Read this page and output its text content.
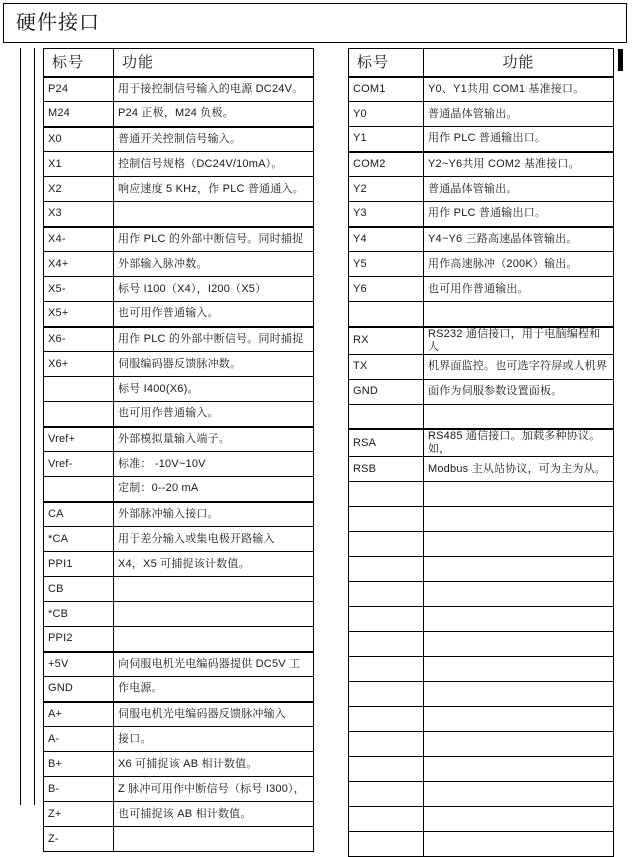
硬件接口
标号	功能
P24	用于接控制信号输入的电源 DC24V。
M24	P24 正极，M24 负极。
X0	普通开关控制信号输入。
X1	控制信号规格（DC24V/10mA）。
X2	响应速度 5 KHz，作 PLC 普通通入。
X3	
X4-	用作 PLC 的外部中断信号。同时捕捉
X4+	外部输入脉冲数。
X5-	标号 I100（X4），I200（X5）
X5+	也可用作普通输入。
X6-	用作 PLC 的外部中断信号。同时捕捉
X6+	伺服编码器反馈脉冲数。
	标号 I400(X6)。
	也可用作普通输入。
Vref+	外部模拟量输入端子。
Vref-	标准： -10V~10V
	定制：0--20 mA
CA	外部脉冲输入接口。
*CA	用于差分输入或集电极开路输入
PPI1	X4，X5 可捕捉该计数值。
CB	
*CB	
PPI2	
+5V	向伺服电机光电编码器提供 DC5V 工
GND	作电源。
A+	伺服电机光电编码器反馈脉冲输入
A-	接口。
B+	X6 可捕捉该 AB 相计数值。
B-	Z 脉冲可用作中断信号（标号 I300），
Z+	也可捕捉该 AB 相计数值。
Z-	
标号	功能
COM1	Y0、Y1共用 COM1 基准接口。
Y0	普通晶体管输出。
Y1	用作 PLC 普通输出口。
COM2	Y2~Y6共用 COM2 基准接口。
Y2	普通晶体管输出。
Y3	用作 PLC 普通输出口。
Y4	Y4~Y6 三路高速晶体管输出。
Y5	用作高速脉冲（200K）输出。
Y6	也可用作普通输出。

RX	RS232 通信接口，用于电脑编程和人
TX	机界面监控。也可选字符屏或人机界
GND	面作为伺服参数设置面板。

RSA	RS485 通信接口。加载多种协议。如，
RSB	Modbus 主从站协议，可为主为从。
